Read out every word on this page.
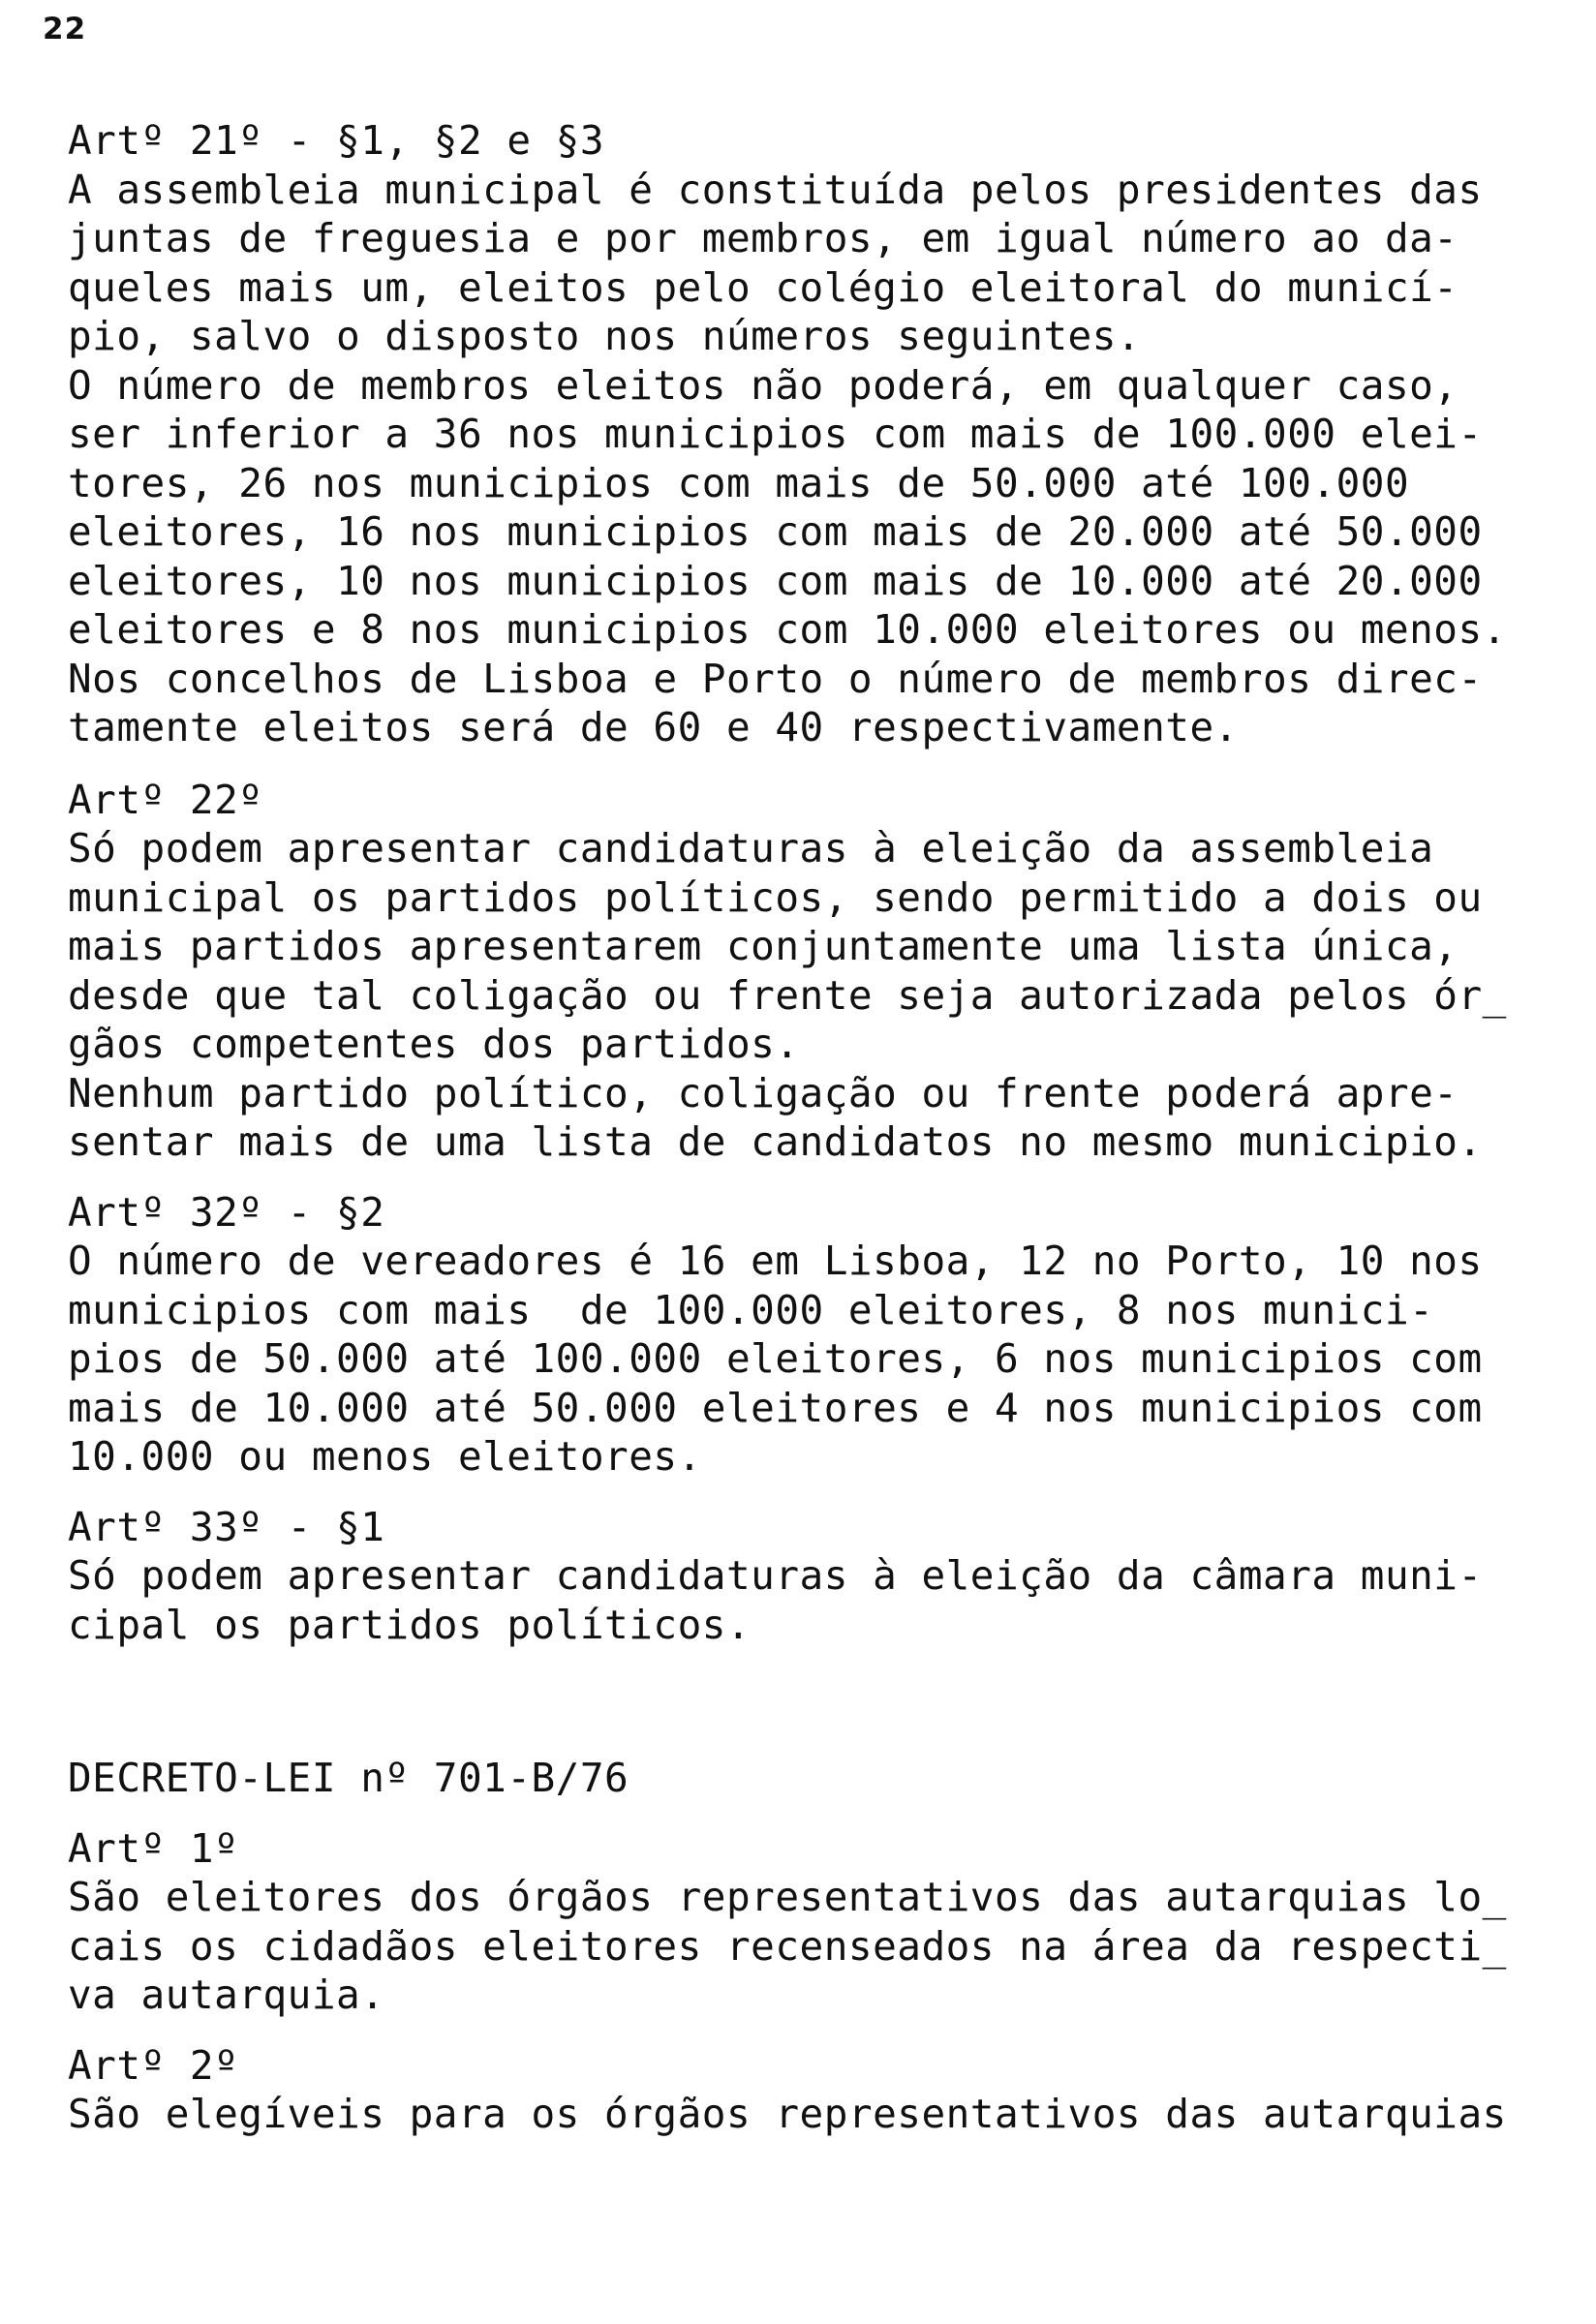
22
Artº 21º - §1, §2 e §3
A assembleia municipal é constituída pelos presidentes das
juntas de freguesia e por membros, em igual número ao da-
queles mais um, eleitos pelo colégio eleitoral do municí-
pio, salvo o disposto nos números seguintes.
O número de membros eleitos não poderá, em qualquer caso,
ser inferior a 36 nos municipios com mais de 100.000 elei-
tores, 26 nos municipios com mais de 50.000 até 100.000
eleitores, 16 nos municipios com mais de 20.000 até 50.000
eleitores, 10 nos municipios com mais de 10.000 até 20.000
eleitores e 8 nos municipios com 10.000 eleitores ou menos.
Nos concelhos de Lisboa e Porto o número de membros direc-
tamente eleitos será de 60 e 40 respectivamente.
Artº 22º
Só podem apresentar candidaturas à eleição da assembleia
municipal os partidos políticos, sendo permitido a dois ou
mais partidos apresentarem conjuntamente uma lista única,
desde que tal coligação ou frente seja autorizada pelos ór_
gãos competentes dos partidos.
Nenhum partido político, coligação ou frente poderá apre-
sentar mais de uma lista de candidatos no mesmo municipio.
Artº 32º - §2
O número de vereadores é 16 em Lisboa, 12 no Porto, 10 nos
municipios com mais  de 100.000 eleitores, 8 nos munici-
pios de 50.000 até 100.000 eleitores, 6 nos municipios com
mais de 10.000 até 50.000 eleitores e 4 nos municipios com
10.000 ou menos eleitores.
Artº 33º - §1
Só podem apresentar candidaturas à eleição da câmara muni-
cipal os partidos políticos.
DECRETO-LEI nº 701-B/76
Artº 1º
São eleitores dos órgãos representativos das autarquias lo_
cais os cidadãos eleitores recenseados na área da respecti_
va autarquia.
Artº 2º
São elegíveis para os órgãos representativos das autarquias
